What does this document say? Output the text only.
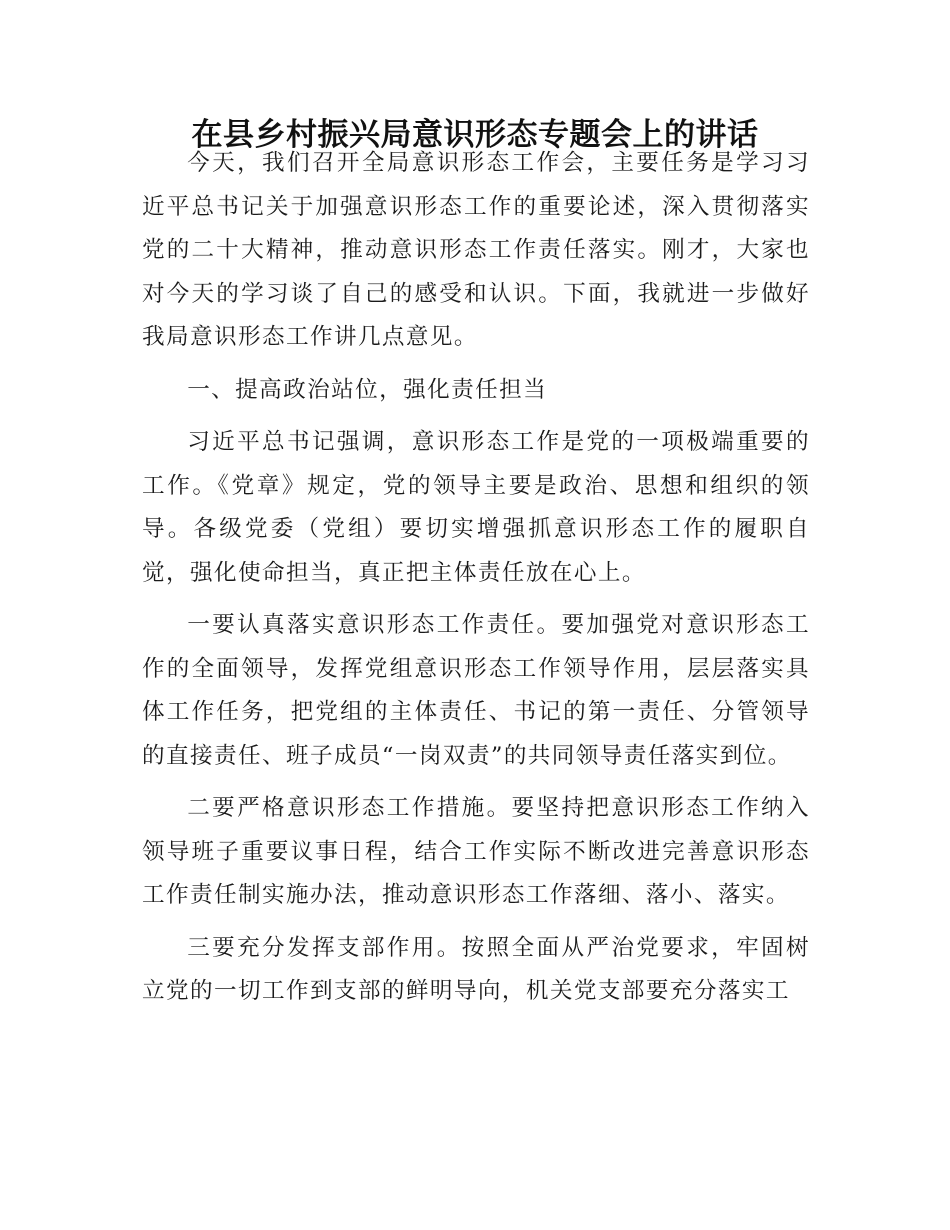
在县乡村振兴局意识形态专题会上的讲话

今天，我们召开全局意识形态工作会，主要任务是学习习近平总书记关于加强意识形态工作的重要论述，深入贯彻落实党的二十大精神，推动意识形态工作责任落实。刚才，大家也对今天的学习谈了自己的感受和认识。下面，我就进一步做好我局意识形态工作讲几点意见。

一、提高政治站位，强化责任担当

习近平总书记强调，意识形态工作是党的一项极端重要的工作。《党章》规定，党的领导主要是政治、思想和组织的领导。各级党委（党组）要切实增强抓意识形态工作的履职自觉，强化使命担当，真正把主体责任放在心上。

一要认真落实意识形态工作责任。要加强党对意识形态工作的全面领导，发挥党组意识形态工作领导作用，层层落实具体工作任务，把党组的主体责任、书记的第一责任、分管领导的直接责任、班子成员“一岗双责”的共同领导责任落实到位。

二要严格意识形态工作措施。要坚持把意识形态工作纳入领导班子重要议事日程，结合工作实际不断改进完善意识形态工作责任制实施办法，推动意识形态工作落细、落小、落实。

三要充分发挥支部作用。按照全面从严治党要求，牢固树立党的一切工作到支部的鲜明导向，机关党支部要充分落实工
